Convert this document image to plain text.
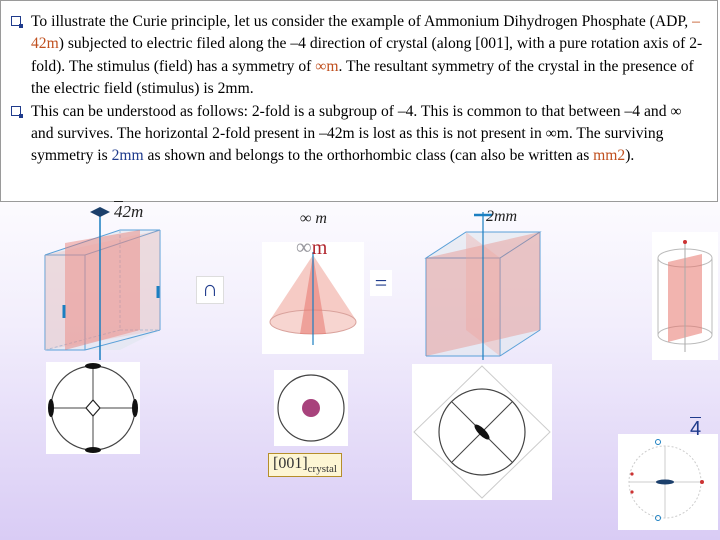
To illustrate the Curie principle, let us consider the example of Ammonium Dihydrogen Phosphate (ADP, –42m) subjected to electric filed along the –4 direction of crystal (along [001], with a pure rotation axis of 2-fold). The stimulus (field) has a symmetry of ∞m. The resultant symmetry of the crystal in the presence of the electric field (stimulus) is 2mm.

This can be understood as follows: 2-fold is a subgroup of –4. This is common to that between –4 and ∞ and survives. The horizontal 2-fold present in –42m is lost as this is not present in ∞m. The surviving symmetry is 2mm as shown and belongs to the orthorhombic class (can also be written as mm2).

42m	∞ m	2mm
∞m
∩	=
4
$[001]_{crystal}$
